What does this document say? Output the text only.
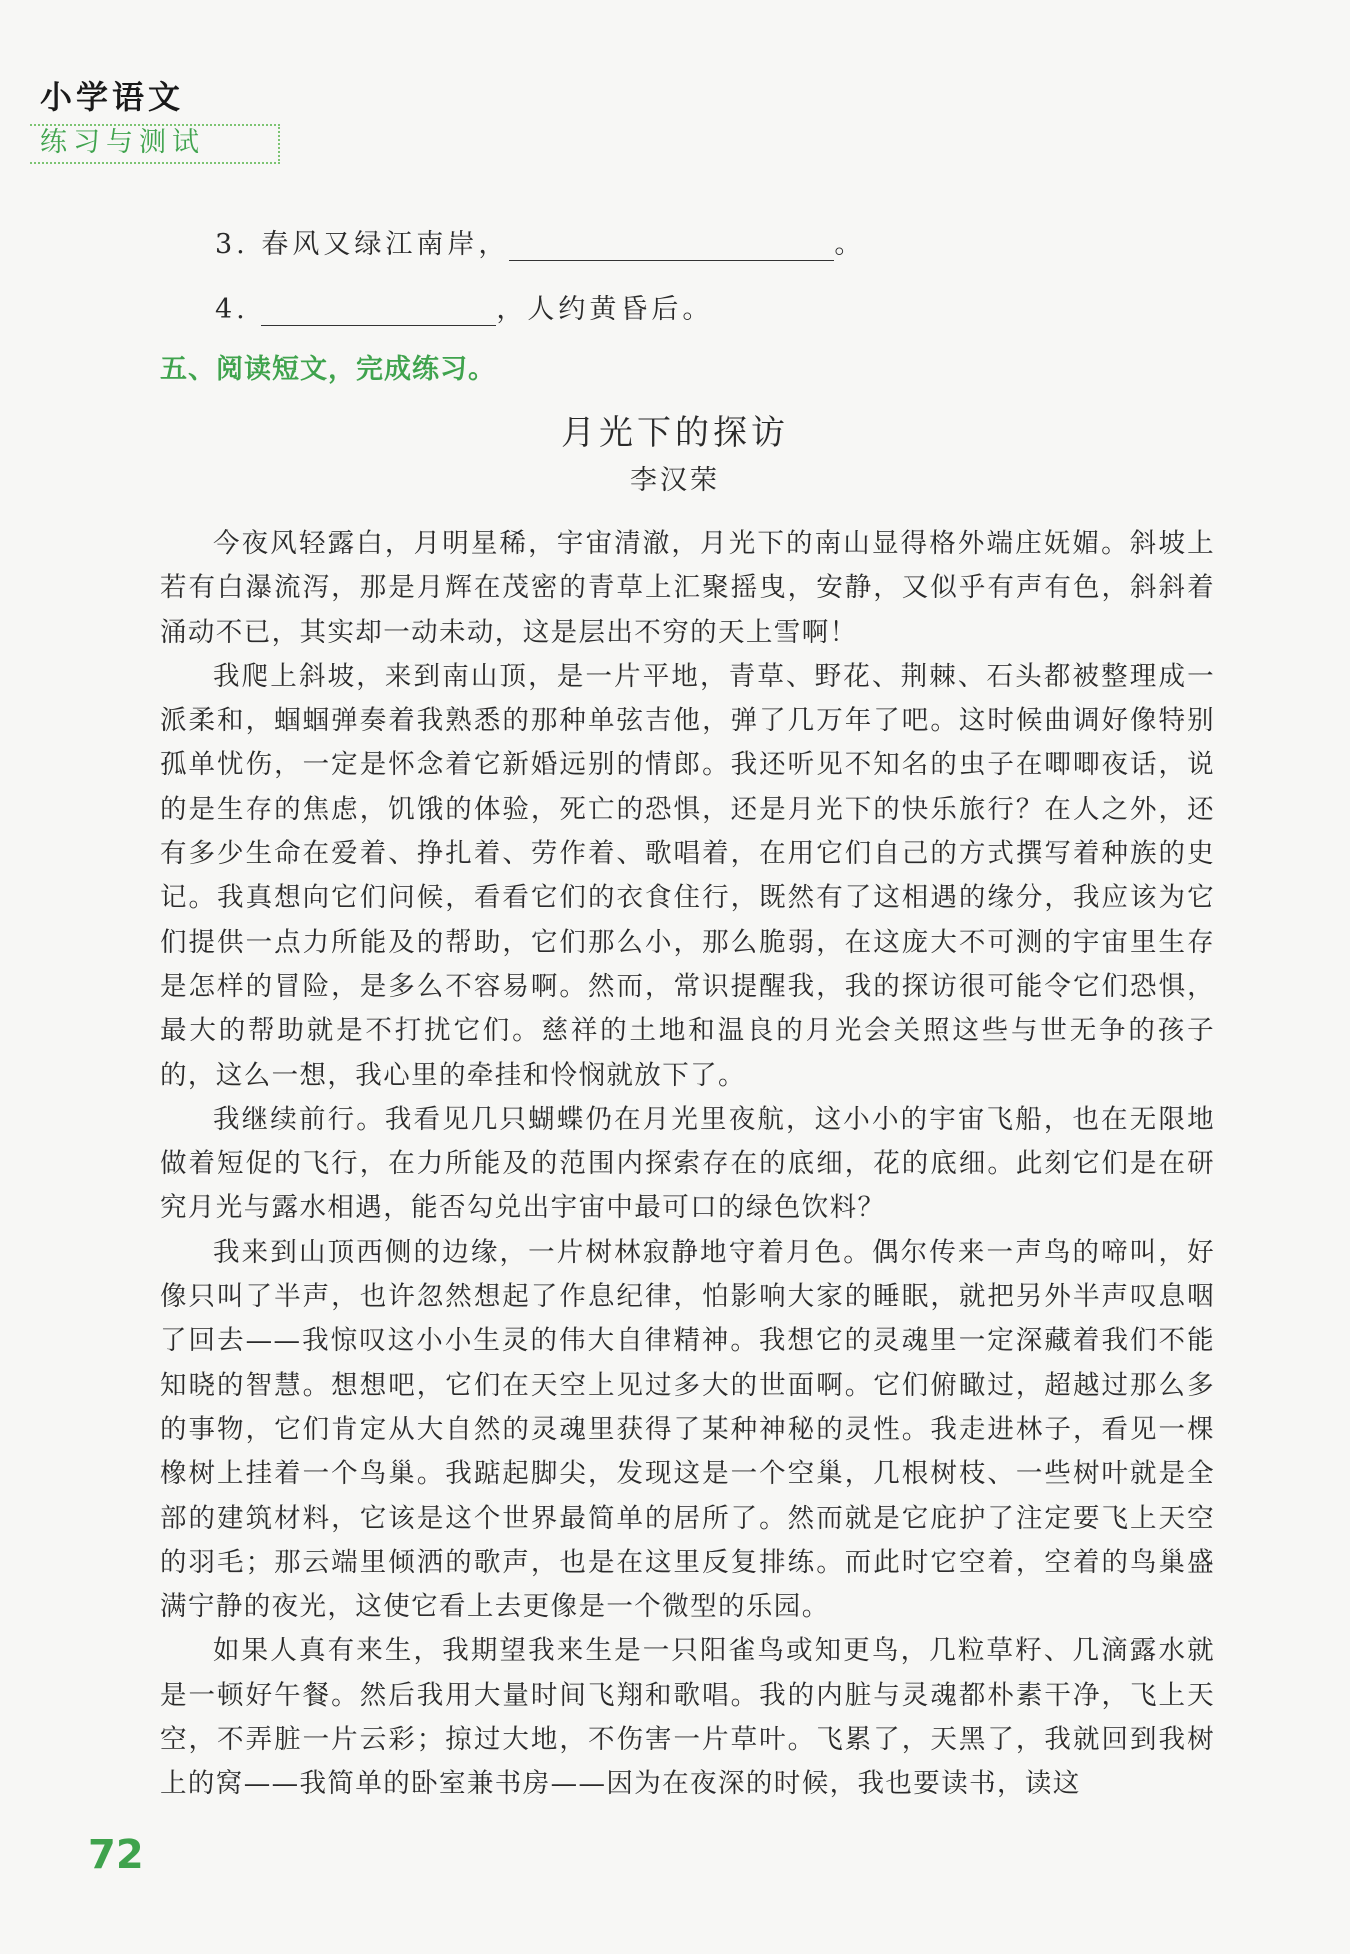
小学语文
练习与测试
3. 春风又绿江南岸，	。
4.	，人约黄昏后。
五、阅读短文，完成练习。
月光下的探访
李汉荣

今夜风轻露白，月明星稀，宇宙清澈，月光下的南山显得格外端庄妩媚。斜坡上若有白瀑流泻，那是月辉在茂密的青草上汇聚摇曳，安静，又似乎有声有色，斜斜着涌动不已，其实却一动未动，这是层出不穷的天上雪啊！

我爬上斜坡，来到南山顶，是一片平地，青草、野花、荆棘、石头都被整理成一派柔和，蝈蝈弹奏着我熟悉的那种单弦吉他，弹了几万年了吧。这时候曲调好像特别孤单忧伤，一定是怀念着它新婚远别的情郎。我还听见不知名的虫子在唧唧夜话，说的是生存的焦虑，饥饿的体验，死亡的恐惧，还是月光下的快乐旅行？在人之外，还有多少生命在爱着、挣扎着、劳作着、歌唱着，在用它们自己的方式撰写着种族的史记。我真想向它们问候，看看它们的衣食住行，既然有了这相遇的缘分，我应该为它们提供一点力所能及的帮助，它们那么小，那么脆弱，在这庞大不可测的宇宙里生存是怎样的冒险，是多么不容易啊。然而，常识提醒我，我的探访很可能令它们恐惧，最大的帮助就是不打扰它们。慈祥的土地和温良的月光会关照这些与世无争的孩子的，这么一想，我心里的牵挂和怜悯就放下了。

我继续前行。我看见几只蝴蝶仍在月光里夜航，这小小的宇宙飞船，也在无限地做着短促的飞行，在力所能及的范围内探索存在的底细，花的底细。此刻它们是在研究月光与露水相遇，能否勾兑出宇宙中最可口的绿色饮料？

我来到山顶西侧的边缘，一片树林寂静地守着月色。偶尔传来一声鸟的啼叫，好像只叫了半声，也许忽然想起了作息纪律，怕影响大家的睡眠，就把另外半声叹息咽了回去——我惊叹这小小生灵的伟大自律精神。我想它的灵魂里一定深藏着我们不能知晓的智慧。想想吧，它们在天空上见过多大的世面啊。它们俯瞰过，超越过那么多的事物，它们肯定从大自然的灵魂里获得了某种神秘的灵性。我走进林子，看见一棵橡树上挂着一个鸟巢。我踮起脚尖，发现这是一个空巢，几根树枝、一些树叶就是全部的建筑材料，它该是这个世界最简单的居所了。然而就是它庇护了注定要飞上天空的羽毛；那云端里倾洒的歌声，也是在这里反复排练。而此时它空着，空着的鸟巢盛满宁静的夜光，这使它看上去更像是一个微型的乐园。

如果人真有来生，我期望我来生是一只阳雀鸟或知更鸟，几粒草籽、几滴露水就是一顿好午餐。然后我用大量时间飞翔和歌唱。我的内脏与灵魂都朴素干净，飞上天空，不弄脏一片云彩；掠过大地，不伤害一片草叶。飞累了，天黑了，我就回到我树上的窝——我简单的卧室兼书房——因为在夜深的时候，我也要读书，读这

72
